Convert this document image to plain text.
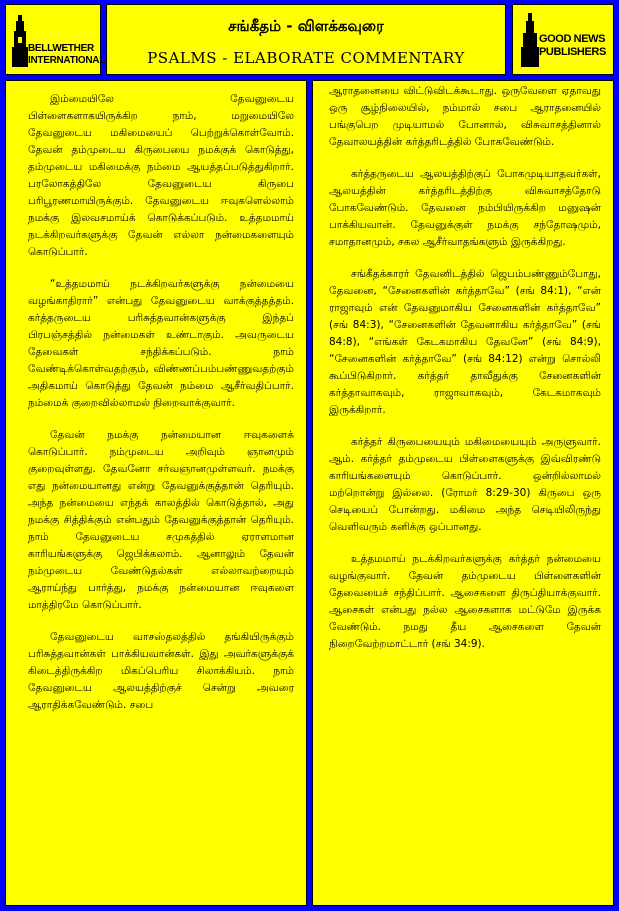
BELLWETHER INTERNATIONAL
சங்கீதம் - விளக்கவுரை
PSALMS - ELABORATE COMMENTARY
GOOD NEWS PUBLISHERS

இம்மையிலே தேவனுடைய பிள்ளைகளாகயிருக்கிற நாம், மறுமையிலே தேவனுடைய மகிமையைப் பெற்றுக்கொள்வோம். தேவன் தம்முடைய கிருபையை நமக்குக் கொடுத்து, தம்முடைய மகிமைக்கு நம்மை ஆயத்தப்படுத்துகிறார். பரலோகத்திலே தேவனுடைய கிருபை பரிபூரணமாயிருக்கும். தேவனுடைய ஈவுகளெல்லாம் நமக்கு இலவசமாய்க் கொடுக்கப்படும். உத்தமமாய் நடக்கிறவர்களுக்கு தேவன் எல்லா நன்மைகளையும் கொடுப்பார்.

“உத்தமமாய் நடக்கிறவர்களுக்கு நன்மையை வழங்காதிரார்” என்பது தேவனுடைய வாக்குத்தத்தம். கர்த்தருடைய பரிசுத்தவான்களுக்கு இந்தப் பிரபஞ்சத்தில் நன்மைகள் உண்டாகும். அவருடைய தேவைகள் சந்திக்கப்படும். நாம் வேண்டிக்கொள்வதற்கும், விண்ணப்பம்பண்ணுவதற்கும் அதிகமாய் கொடுத்து தேவன் நம்மை ஆசீர்வதிப்பார். நம்மைக் குறைவில்லாமல் நிறைவாக்குவார்.

தேவன் நமக்கு நன்மையான ஈவுகளைக் கொடுப்பார். நம்முடைய அறிவும் ஞானமும் குறைவுள்ளது. தேவனோ சர்வஞானமுள்ளவர். நமக்கு எது நன்மையானது என்று தேவனுக்குத்தான் தெரியும். அந்த நன்மையை எந்தக் காலத்தில் கொடுத்தால், அது நமக்கு சித்திக்கும் என்பதும் தேவனுக்குத்தான் தெரியும். நாம் தேவனுடைய சமுகத்தில் ஏராளமான காரியங்களுக்கு ஜெபிக்கலாம். ஆனாலும் தேவன் நம்முடைய வேண்டுதல்கள் எல்லாவற்றையும் ஆராய்ந்து பார்த்து, நமக்கு நன்மையான ஈவுகளை மாத்திரமே கொடுப்பார்.

தேவனுடைய வாசஸ்தலத்தில் தங்கியிருக்கும் பரிசுத்தவான்கள் பாக்கியவான்கள். இது அவர்களுக்குக் கிடைத்திருக்கிற மிகப்பெரிய சிலாக்கியம். நாம் தேவனுடைய ஆலயத்திற்குச் சென்று அவரை ஆராதிக்கவேண்டும். சபை

ஆராதனையை விட்டுவிடக்கூடாது. ஒருவேளை ஏதாவது ஒரு சூழ்நிலையில், நம்மால் சபை ஆராதனையில் பங்குபெற முடியாமல் போனால், விசுவாசத்தினால் தேவாலயத்தின் கர்த்தரிடத்தில் போகவேண்டும்.

கர்த்தருடைய ஆலயத்திற்குப் போகமுடியாதவர்கள், ஆலயத்தின் கர்த்தரிடத்திற்கு விசுவாசத்தோடு போகவேண்டும். தேவனை நம்பியிருக்கிற மனுஷன் பாக்கியவான். தேவனுக்குள் நமக்கு சந்தோஷமும், சமாதானமும், சகல ஆசீர்வாதங்களும் இருக்கிறது.

சங்கீதக்காரர் தேவனிடத்தில் ஜெபம்பண்ணும்போது, தேவனை, “சேனைகளின் கர்த்தாவே” (சங் 84:1), “என் ராஜாவும் என் தேவனுமாகிய சேனைகளின் கர்த்தாவே” (சங் 84:3), “சேனைகளின் தேவனாகிய கர்த்தாவே” (சங் 84:8), “எங்கள் கேடகமாகிய தேவனே” (சங் 84:9), “சேனைகளின் கர்த்தாவே” (சங் 84:12) என்று சொல்லி கூப்பிடுகிறார். கர்த்தர் தாவீதுக்கு சேனைகளின் கர்த்தாவாகவும், ராஜாவாகவும், கேடகமாகவும் இருக்கிறார்.

கர்த்தர் கிருபையையும் மகிமையையும் அருளுவார். ஆம். கர்த்தர் தம்முடைய பிள்ளைகளுக்கு இவ்விரண்டு காரியங்களையும் கொடுப்பார். ஒன்றில்லாமல் மற்றொன்று இல்லை. (ரோமர் 8:29-30) கிருபை ஒரு செடியைப் போன்றது. மகிமை அந்த செடியிலிருந்து வெளிவரும் கனிக்கு ஒப்பானது.

உத்தமமாய் நடக்கிறவர்களுக்கு கர்த்தர் நன்மையை வழங்குவார். தேவன் தம்முடைய பிள்ளைகளின் தேவையைச் சந்திப்பார். ஆசைகளை திருப்தியாக்குவார். ஆசைகள் என்பது நல்ல ஆசைகளாக மட்டுமே இருக்க வேண்டும். நமது தீய ஆசைகளை தேவன் நிறைவேற்றமாட்டார் (சங் 34:9).
